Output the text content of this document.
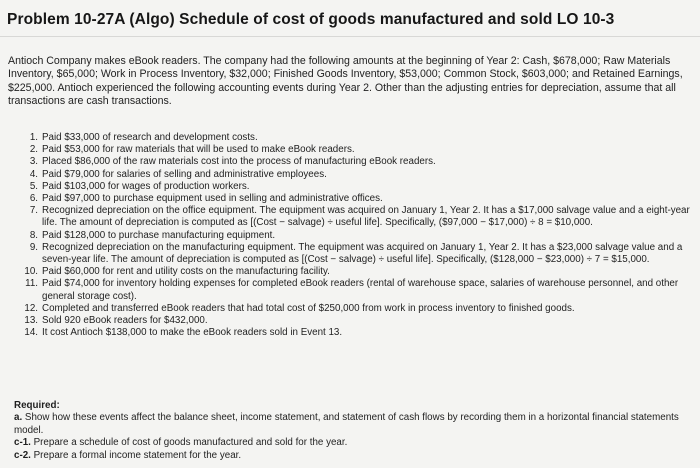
Problem 10-27A (Algo) Schedule of cost of goods manufactured and sold LO 10-3
Antioch Company makes eBook readers. The company had the following amounts at the beginning of Year 2: Cash, $678,000; Raw Materials Inventory, $65,000; Work in Process Inventory, $32,000; Finished Goods Inventory, $53,000; Common Stock, $603,000; and Retained Earnings, $225,000. Antioch experienced the following accounting events during Year 2. Other than the adjusting entries for depreciation, assume that all transactions are cash transactions.
1. Paid $33,000 of research and development costs.
2. Paid $53,000 for raw materials that will be used to make eBook readers.
3. Placed $86,000 of the raw materials cost into the process of manufacturing eBook readers.
4. Paid $79,000 for salaries of selling and administrative employees.
5. Paid $103,000 for wages of production workers.
6. Paid $97,000 to purchase equipment used in selling and administrative offices.
7. Recognized depreciation on the office equipment. The equipment was acquired on January 1, Year 2. It has a $17,000 salvage value and a eight-year life. The amount of depreciation is computed as [(Cost − salvage) ÷ useful life]. Specifically, ($97,000 − $17,000) ÷ 8 = $10,000.
8. Paid $128,000 to purchase manufacturing equipment.
9. Recognized depreciation on the manufacturing equipment. The equipment was acquired on January 1, Year 2. It has a $23,000 salvage value and a seven-year life. The amount of depreciation is computed as [(Cost − salvage) ÷ useful life]. Specifically, ($128,000 − $23,000) ÷ 7 = $15,000.
10. Paid $60,000 for rent and utility costs on the manufacturing facility.
11. Paid $74,000 for inventory holding expenses for completed eBook readers (rental of warehouse space, salaries of warehouse personnel, and other general storage cost).
12. Completed and transferred eBook readers that had total cost of $250,000 from work in process inventory to finished goods.
13. Sold 920 eBook readers for $432,000.
14. It cost Antioch $138,000 to make the eBook readers sold in Event 13.
Required:
a. Show how these events affect the balance sheet, income statement, and statement of cash flows by recording them in a horizontal financial statements model.
c-1. Prepare a schedule of cost of goods manufactured and sold for the year.
c-2. Prepare a formal income statement for the year.
